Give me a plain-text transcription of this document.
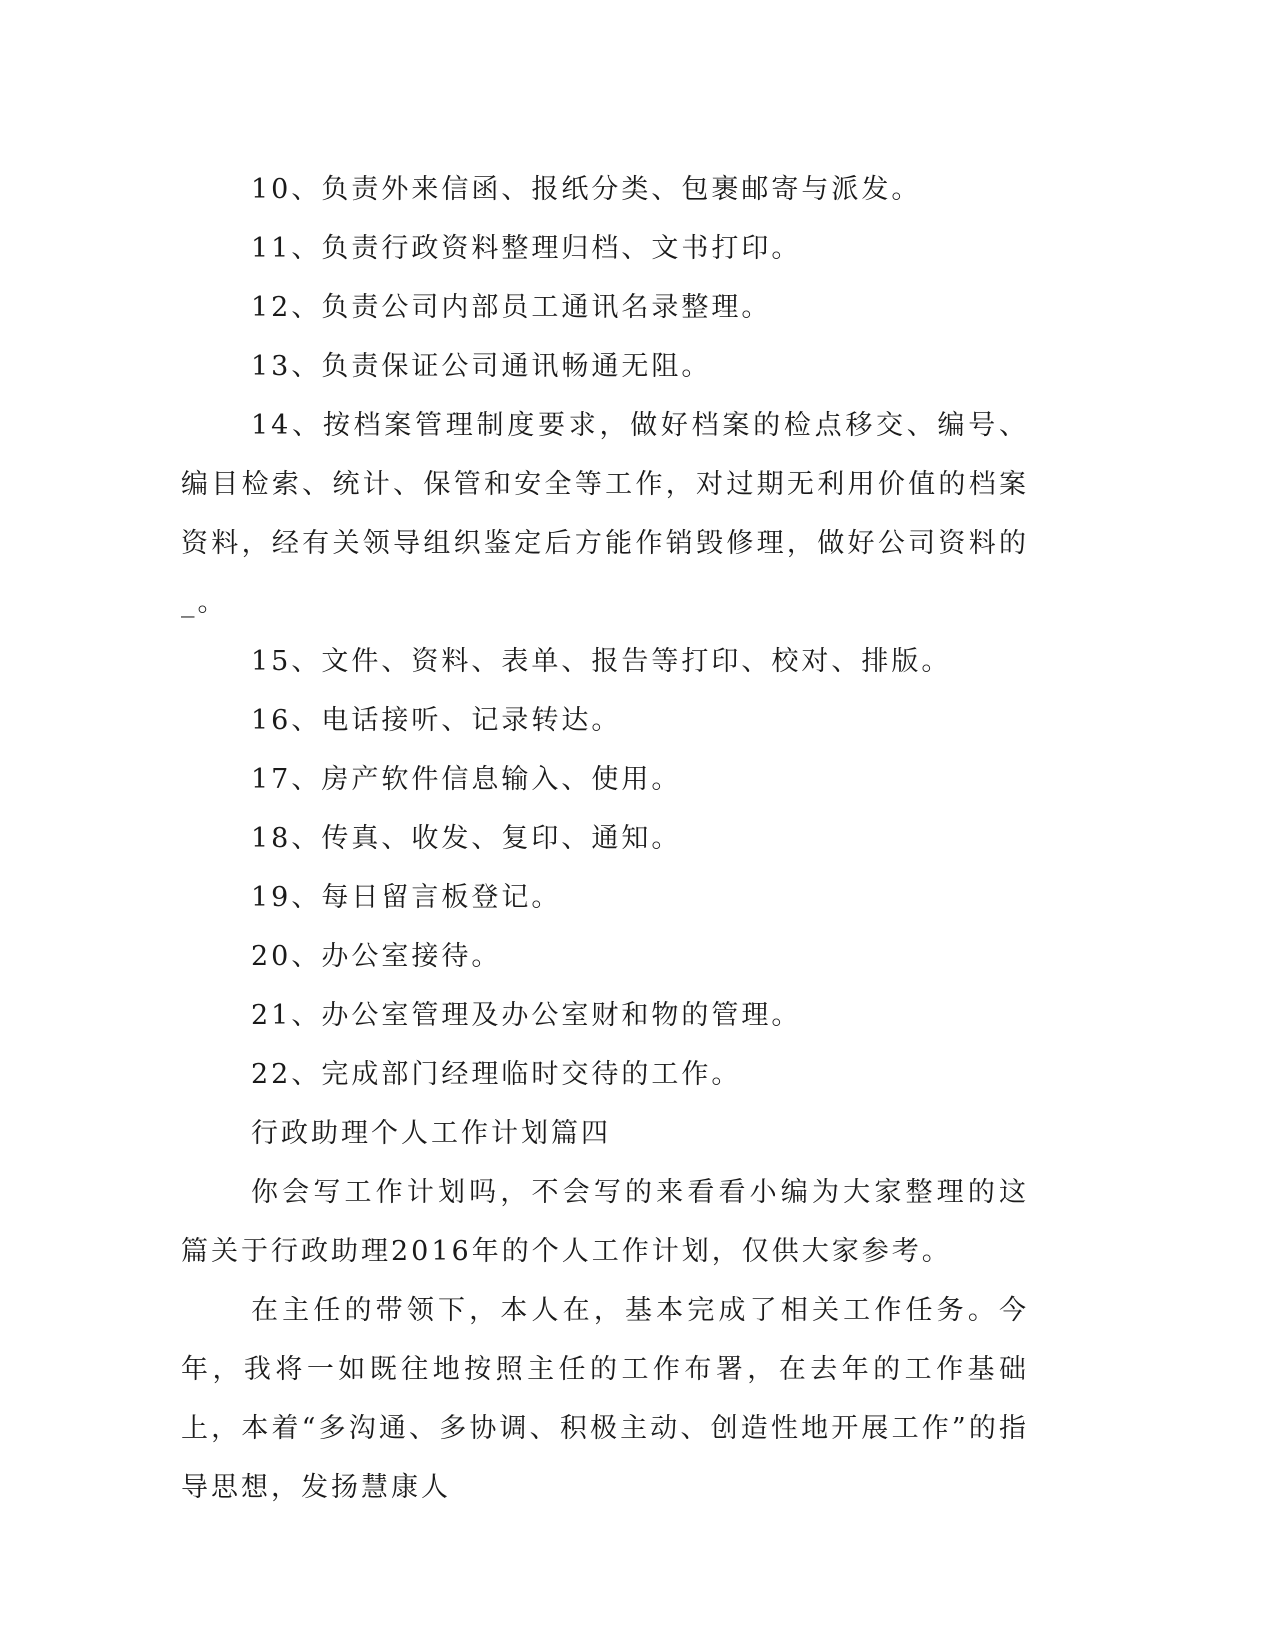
10、负责外来信函、报纸分类、包裹邮寄与派发。

11、负责行政资料整理归档、文书打印。

12、负责公司内部员工通讯名录整理。

13、负责保证公司通讯畅通无阻。

14、按档案管理制度要求，做好档案的检点移交、编号、编目检索、统计、保管和安全等工作，对过期无利用价值的档案资料，经有关领导组织鉴定后方能作销毁修理，做好公司资料的_。

15、文件、资料、表单、报告等打印、校对、排版。

16、电话接听、记录转达。

17、房产软件信息输入、使用。

18、传真、收发、复印、通知。

19、每日留言板登记。

20、办公室接待。

21、办公室管理及办公室财和物的管理。

22、完成部门经理临时交待的工作。

行政助理个人工作计划篇四

你会写工作计划吗，不会写的来看看小编为大家整理的这篇关于行政助理2016年的个人工作计划，仅供大家参考。

在主任的带领下，本人在，基本完成了相关工作任务。今年，我将一如既往地按照主任的工作布署，在去年的工作基础上，本着“多沟通、多协调、积极主动、创造性地开展工作”的指导思想，发扬慧康人
